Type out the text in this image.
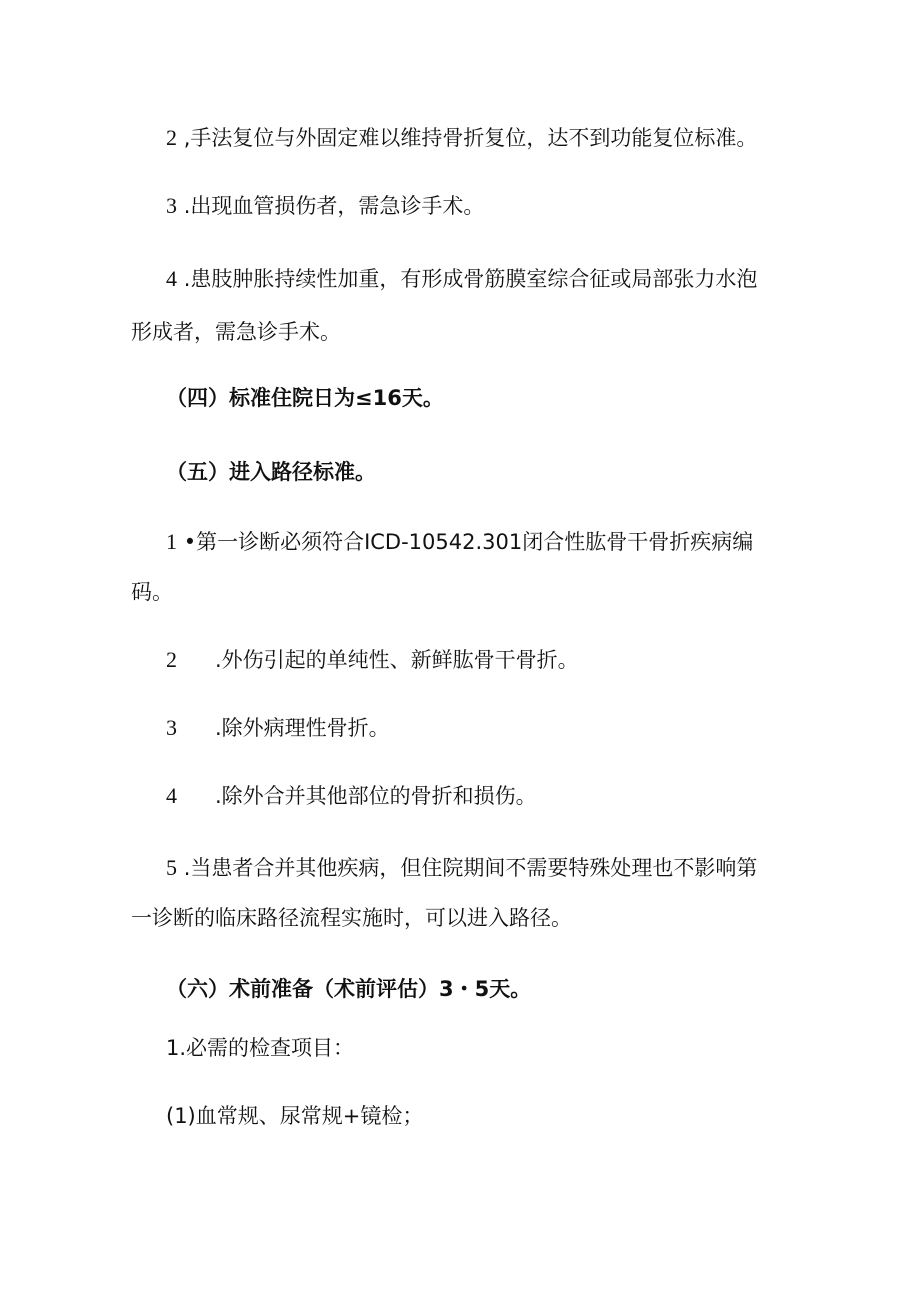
2 ,手法复位与外固定难以维持骨折复位，达不到功能复位标准。
3 .出现血管损伤者，需急诊手术。
4 .患肢肿胀持续性加重，有形成骨筋膜室综合征或局部张力水泡
形成者，需急诊手术。
（四）标准住院日为≤16天。
（五）进入路径标准。
1 •第一诊断必须符合ICD-10542.301闭合性肱骨干骨折疾病编
码。
2 .外伤引起的单纯性、新鲜肱骨干骨折。
3 .除外病理性骨折。
4 .除外合并其他部位的骨折和损伤。
5 .当患者合并其他疾病，但住院期间不需要特殊处理也不影响第
一诊断的临床路径流程实施时，可以进入路径。
（六）术前准备（术前评估）3・5天。
1.必需的检查项目：
(1)血常规、尿常规+镜检；
